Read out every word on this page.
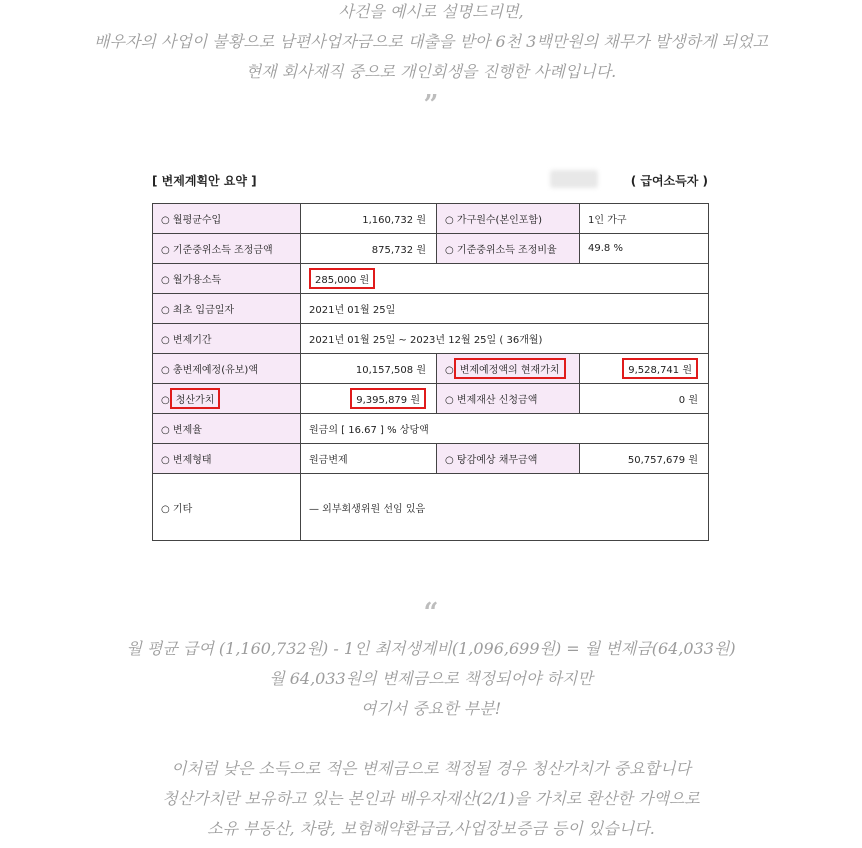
사건을 예시로 설명드리면,

배우자의 사업이 불황으로 남편사업자금으로 대출을 받아 6천 3백만원의 채무가 발생하게 되었고

현재 회사재직 중으로 개인회생을 진행한 사례입니다.

”
[ 변제계획안 요약 ]	( 급여소득자 )
○ 월평균수입	1,160,732 원	○ 가구원수(본인포함)	1인 가구
○ 기준중위소득 조정금액	875,732 원	○ 기준중위소득 조정비율	49.8 %
○ 월가용소득	285,000 원		
○ 최초 입금일자	2021년 01월 25일		
○ 변제기간	2021년 01월 25일 ~ 2023년 12월 25일 ( 36개월)		
○ 총변제예정(유보)액	10,157,508 원	○ 변제예정액의 현재가치	9,528,741 원
○ 청산가치	9,395,879 원	○ 변제재산 신청금액	0 원
○ 변제율	원금의 [ 16.67 ] % 상당액		
○ 변제형태	원금변제	○ 탕감예상 채무금액	50,757,679 원
○ 기타	— 외부회생위원 선임 있음		
“

월 평균 급여 (1,160,732원) - 1인 최저생계비(1,096,699원) = 월 변제금(64,033원)

월 64,033원의 변제금으로 책정되어야 하지만

여기서 중요한 부분!

이처럼 낮은 소득으로 적은 변제금으로 책정될 경우 청산가치가 중요합니다

청산가치란 보유하고 있는 본인과 배우자재산(2/1)을 가치로 환산한 가액으로

소유 부동산, 차량, 보험해약환급금,사업장보증금 등이 있습니다.
